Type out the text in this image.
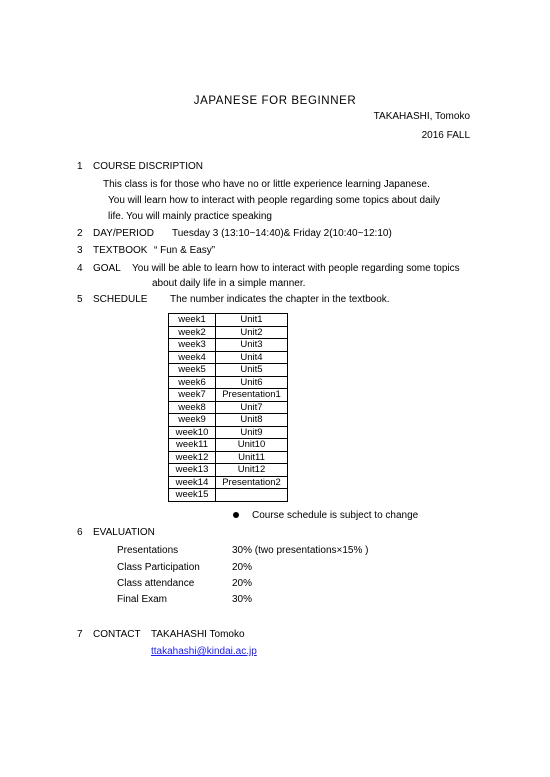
JAPANESE FOR BEGINNER
TAKAHASHI, Tomoko
2016 FALL
1 COURSE DISCRIPTION
This class is for those who have no or little experience learning Japanese.
You will learn how to interact with people regarding some topics about daily
life. You will mainly practice speaking
2 DAY/PERIOD Tuesday 3 (13:10~14:40)& Friday 2(10:40~12:10)
3 TEXTBOOK “ Fun & Easy”
4 GOAL You will be able to learn how to interact with people regarding some topics
about daily life in a simple manner.
5 SCHEDULE The number indicates the chapter in the textbook.
week1	Unit1
week2	Unit2
week3	Unit3
week4	Unit4
week5	Unit5
week6	Unit6
week7	Presentation1
week8	Unit7
week9	Unit8
week10	Unit9
week11	Unit10
week12	Unit11
week13	Unit12
week14	Presentation2
week15	
Course schedule is subject to change
6 EVALUATION
Presentations	30% (two presentations×15% )
Class Participation	20%
Class attendance	20%
Final Exam	30%
7 CONTACT TAKAHASHI Tomoko
ttakahashi@kindai.ac.jp
